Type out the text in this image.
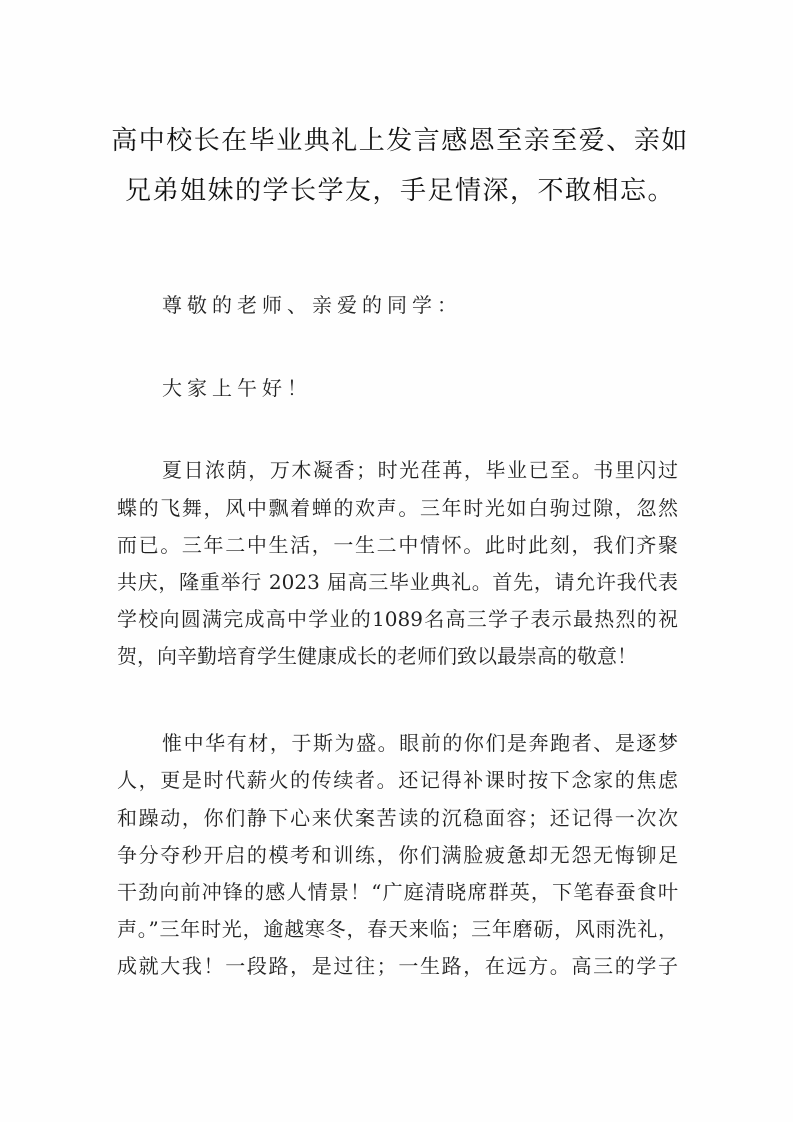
高中校长在毕业典礼上发言感恩至亲至爱、亲如
兄弟姐妹的学长学友，手足情深，不敢相忘。
尊敬的老师、亲爱的同学：
大家上午好！
夏日浓荫，万木凝香；时光荏苒，毕业已至。书里闪过
蝶的飞舞，风中飘着蝉的欢声。三年时光如白驹过隙，忽然
而已。三年二中生活，一生二中情怀。此时此刻，我们齐聚
共庆，隆重举行 2023 届高三毕业典礼。首先，请允许我代表
学校向圆满完成高中学业的1089名高三学子表示最热烈的祝
贺，向辛勤培育学生健康成长的老师们致以最崇高的敬意！
惟中华有材，于斯为盛。眼前的你们是奔跑者、是逐梦
人，更是时代薪火的传续者。还记得补课时按下念家的焦虑
和躁动，你们静下心来伏案苦读的沉稳面容；还记得一次次
争分夺秒开启的模考和训练，你们满脸疲惫却无怨无悔铆足
干劲向前冲锋的感人情景！“广庭清晓席群英，下笔春蚕食叶
声。”三年时光，逾越寒冬，春天来临；三年磨砺，风雨洗礼，
成就大我！一段路，是过往；一生路，在远方。高三的学子
